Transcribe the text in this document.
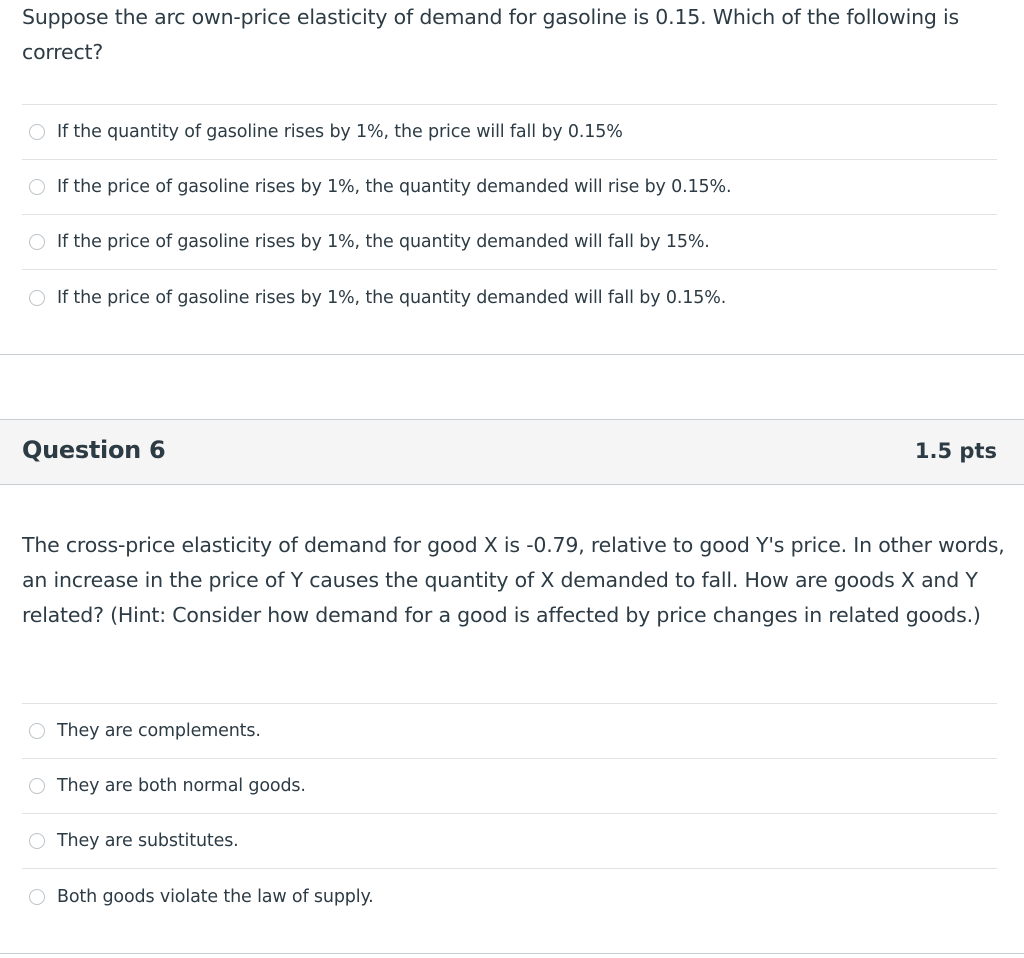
Suppose the arc own-price elasticity of demand for gasoline is 0.15. Which of the following is correct?
If the quantity of gasoline rises by 1%, the price will fall by 0.15%
If the price of gasoline rises by 1%, the quantity demanded will rise by 0.15%.
If the price of gasoline rises by 1%, the quantity demanded will fall by 15%.
If the price of gasoline rises by 1%, the quantity demanded will fall by 0.15%.
Question 6	1.5 pts
The cross-price elasticity of demand for good X is -0.79, relative to good Y's price. In other words, an increase in the price of Y causes the quantity of X demanded to fall. How are goods X and Y related? (Hint: Consider how demand for a good is affected by price changes in related goods.)
They are complements.
They are both normal goods.
They are substitutes.
Both goods violate the law of supply.
